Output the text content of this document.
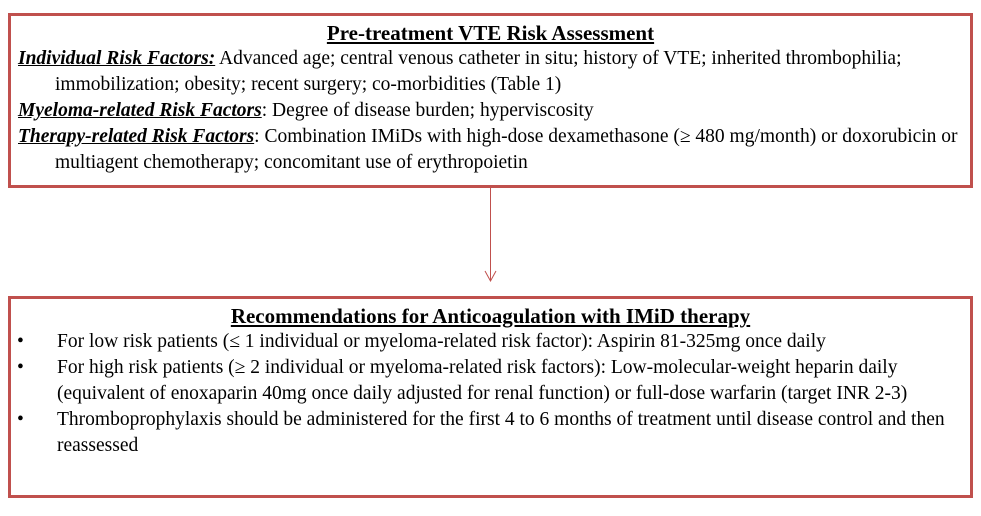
Pre-treatment VTE Risk Assessment
Individual Risk Factors: Advanced age; central venous catheter in situ; history of VTE; inherited thrombophilia; immobilization; obesity; recent surgery; co-morbidities (Table 1)
Myeloma-related Risk Factors: Degree of disease burden; hyperviscosity
Therapy-related Risk Factors: Combination IMiDs with high-dose dexamethasone (≥ 480 mg/month) or doxorubicin or multiagent chemotherapy; concomitant use of erythropoietin
Recommendations for Anticoagulation with IMiD therapy
• For low risk patients (≤ 1 individual or myeloma-related risk factor): Aspirin 81-325mg once daily
• For high risk patients (≥ 2 individual or myeloma-related risk factors): Low-molecular-weight heparin daily (equivalent of enoxaparin 40mg once daily adjusted for renal function) or full-dose warfarin (target INR 2-3)
• Thromboprophylaxis should be administered for the first 4 to 6 months of treatment until disease control and then reassessed
